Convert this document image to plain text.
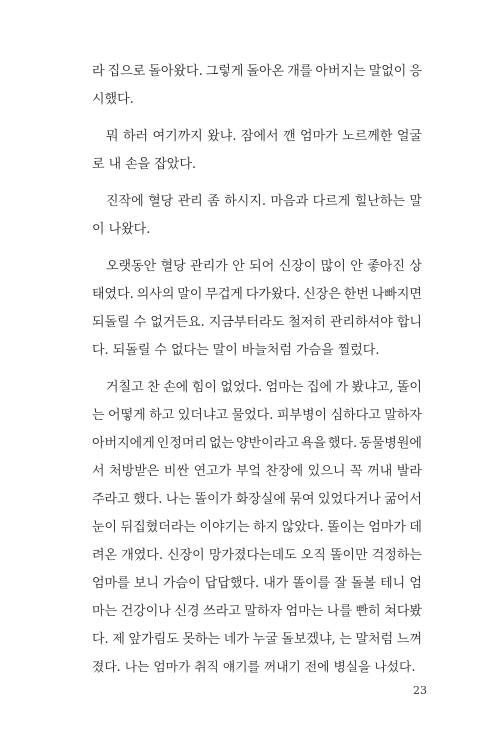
라 집으로 돌아왔다. 그렇게 돌아온 개를 아버지는 말없이 응
시했다.
뭐 하러 여기까지 왔냐. 잠에서 깬 엄마가 노르께한 얼굴
로 내 손을 잡았다.
진작에 혈당 관리 좀 하시지. 마음과 다르게 힐난하는 말
이 나왔다.
오랫동안 혈당 관리가 안 되어 신장이 많이 안 좋아진 상
태였다. 의사의 말이 무겁게 다가왔다. 신장은 한번 나빠지면
되돌릴 수 없거든요. 지금부터라도 철저히 관리하셔야 합니
다. 되돌릴 수 없다는 말이 바늘처럼 가슴을 찔렀다.
거칠고 찬 손에 힘이 없었다. 엄마는 집에 가 봤냐고, 똘이
는 어떻게 하고 있더냐고 물었다. 피부병이 심하다고 말하자
아버지에게 인정머리 없는 양반이라고 욕을 했다. 동물병원에
서 처방받은 비싼 연고가 부엌 찬장에 있으니 꼭 꺼내 발라
주라고 했다. 나는 똘이가 화장실에 묶여 있었다거나 굶어서
눈이 뒤집혔더라는 이야기는 하지 않았다. 똘이는 엄마가 데
려온 개였다. 신장이 망가졌다는데도 오직 똘이만 걱정하는
엄마를 보니 가슴이 답답했다. 내가 똘이를 잘 돌볼 테니 엄
마는 건강이나 신경 쓰라고 말하자 엄마는 나를 빤히 쳐다봤
다. 제 앞가림도 못하는 네가 누굴 돌보겠냐, 는 말처럼 느껴
졌다. 나는 엄마가 취직 얘기를 꺼내기 전에 병실을 나섰다.
23
